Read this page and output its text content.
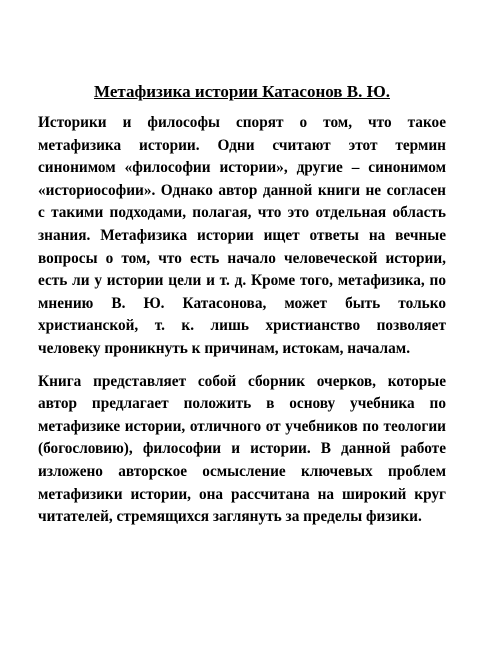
Метафизика истории Катасонов В. Ю.

Историки и философы спорят о том, что такое метафизика истории. Одни считают этот термин синонимом «философии истории», другие – синонимом «историософии». Однако автор данной книги не согласен с такими подходами, полагая, что это отдельная область знания. Метафизика истории ищет ответы на вечные вопросы о том, что есть начало человеческой истории, есть ли у истории цели и т. д. Кроме того, метафизика, по мнению В. Ю. Катасонова, может быть только христианской, т. к. лишь христианство позволяет человеку проникнуть к причинам, истокам, началам.

Книга представляет собой сборник очерков, которые автор предлагает положить в основу учебника по метафизике истории, отличного от учебников по теологии (богословию), философии и истории. В данной работе изложено авторское осмысление ключевых проблем метафизики истории, она рассчитана на широкий круг читателей, стремящихся заглянуть за пределы физики.
